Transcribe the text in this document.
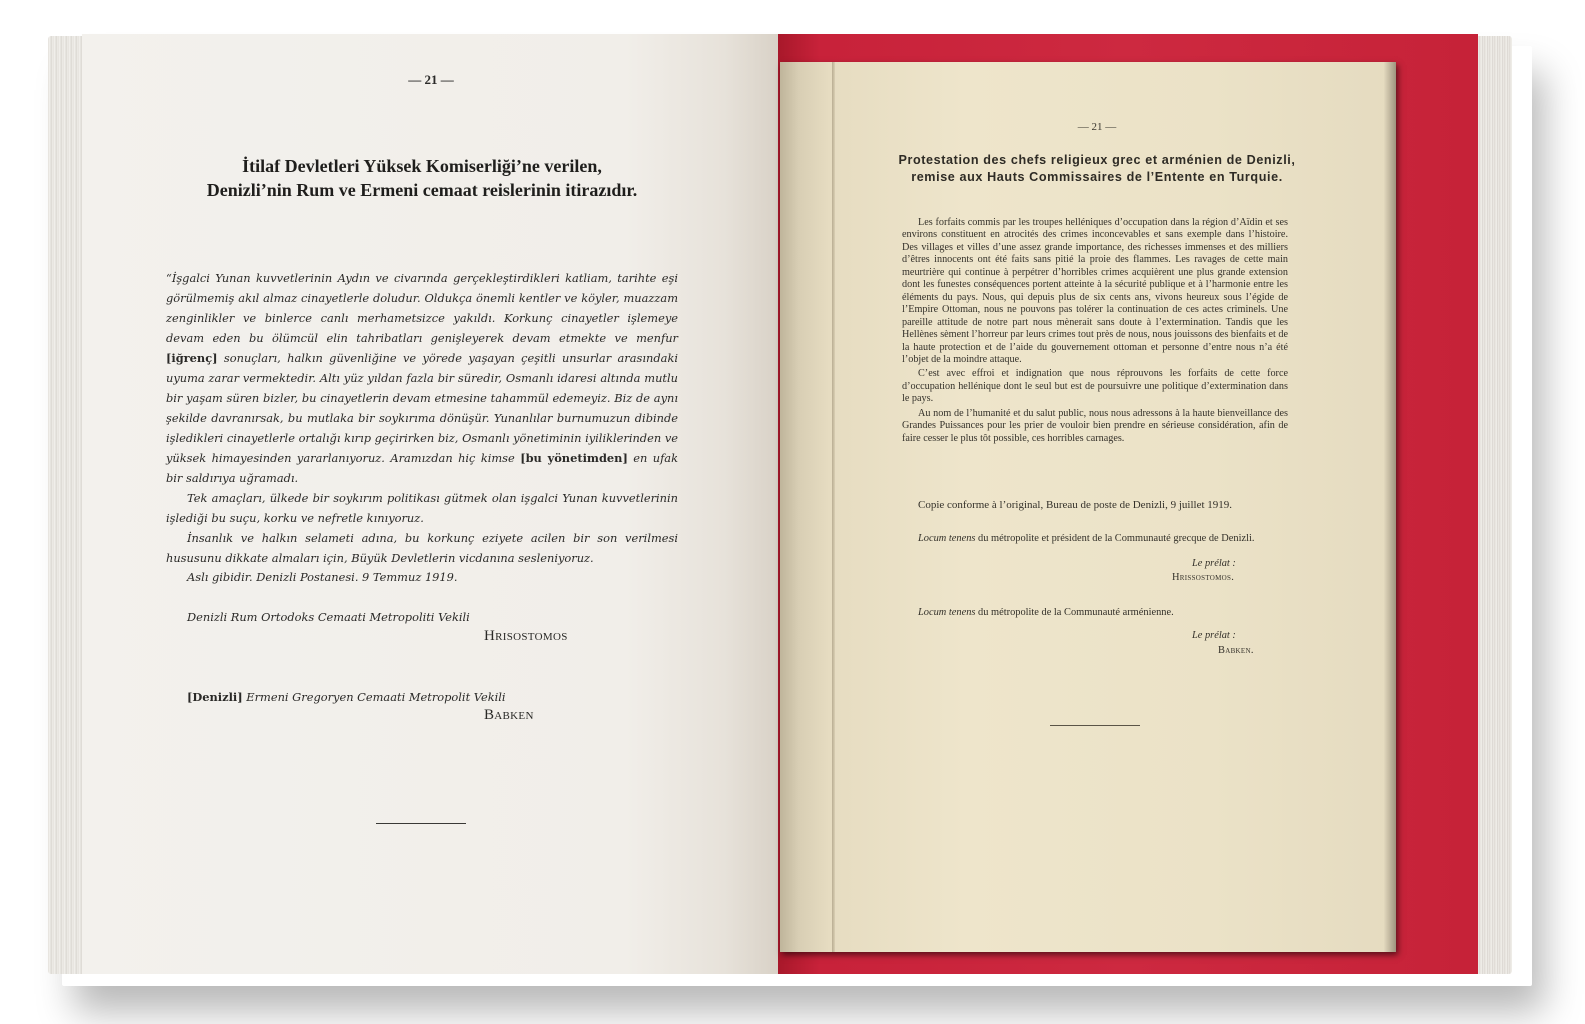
— 21 —
İtilaf Devletleri Yüksek Komiserliği’ne verilen, Denizli’nin Rum ve Ermeni cemaat reislerinin itirazıdır.

“İşgalci Yunan kuvvetlerinin Aydın ve civarında gerçekleştirdikleri katliam, tarihte eşi görülmemiş akıl almaz cinayetlerle doludur. Oldukça önemli kentler ve köyler, muazzam zenginlikler ve binlerce canlı merhametsizce yakıldı. Korkunç cinayetler işlemeye devam eden bu ölümcül elin tahribatları genişleyerek devam etmekte ve menfur [iğrenç] sonuçları, halkın güvenliğine ve yörede yaşayan çeşitli unsurlar arasındaki uyuma zarar vermektedir. Altı yüz yıldan fazla bir süredir, Osmanlı idaresi altında mutlu bir yaşam süren bizler, bu cinayetlerin devam etmesine tahammül edemeyiz. Biz de aynı şekilde davranırsak, bu mutlaka bir soykırıma dönüşür. Yunanlılar burnumuzun dibinde işledikleri cinayetlerle ortalığı kırıp geçirirken biz, Osmanlı yönetiminin iyiliklerinden ve yüksek himayesinden yararlanıyoruz. Aramızdan hiç kimse [bu yönetimden] en ufak bir saldırıya uğramadı.

Tek amaçları, ülkede bir soykırım politikası gütmek olan işgalci Yunan kuvvetlerinin işlediği bu suçu, korku ve nefretle kınıyoruz.

İnsanlık ve halkın selameti adına, bu korkunç eziyete acilen bir son verilmesi hususunu dikkate almaları için, Büyük Devletlerin vicdanına sesleniyoruz.

Aslı gibidir. Denizli Postanesi. 9 Temmuz 1919.
Denizli Rum Ortodoks Cemaati Metropoliti Vekili
Hrisostomos
[Denizli] Ermeni Gregoryen Cemaati Metropolit Vekili
Babken
— 21 —
Protestation des chefs religieux grec et arménien de Denizli, remise aux Hauts Commissaires de l’Entente en Turquie.

Les forfaits commis par les troupes helléniques d’occupation dans la région d’Aïdin et ses environs constituent en atrocités des crimes inconcevables et sans exemple dans l’histoire. Des villages et villes d’une assez grande importance, des richesses immenses et des milliers d’êtres innocents ont été faits sans pitié la proie des flammes. Les ravages de cette main meurtrière qui continue à perpétrer d’horribles crimes acquièrent une plus grande extension dont les funestes conséquences portent atteinte à la sécurité publique et à l’harmonie entre les éléments du pays. Nous, qui depuis plus de six cents ans, vivons heureux sous l’égide de l’Empire Ottoman, nous ne pouvons pas tolérer la continuation de ces actes criminels. Une pareille attitude de notre part nous mènerait sans doute à l’extermination. Tandis que les Hellènes sèment l’horreur par leurs crimes tout près de nous, nous jouissons des bienfaits et de la haute protection et de l’aide du gouvernement ottoman et personne d’entre nous n’a été l’objet de la moindre attaque.

C’est avec effroi et indignation que nous réprouvons les forfaits de cette force d’occupation hellénique dont le seul but est de poursuivre une politique d’extermination dans le pays.

Au nom de l’humanité et du salut public, nous nous adressons à la haute bienveillance des Grandes Puissances pour les prier de vouloir bien prendre en sérieuse considération, afin de faire cesser le plus tôt possible, ces horribles carnages.

Copie conforme à l’original, Bureau de poste de Denizli, 9 juillet 1919.
Locum tenens du métropolite et président de la Communauté grecque de Denizli.
Le prélat :
Hrissostomos.
Locum tenens du métropolite de la Communauté arménienne.
Le prélat :
Babken.
